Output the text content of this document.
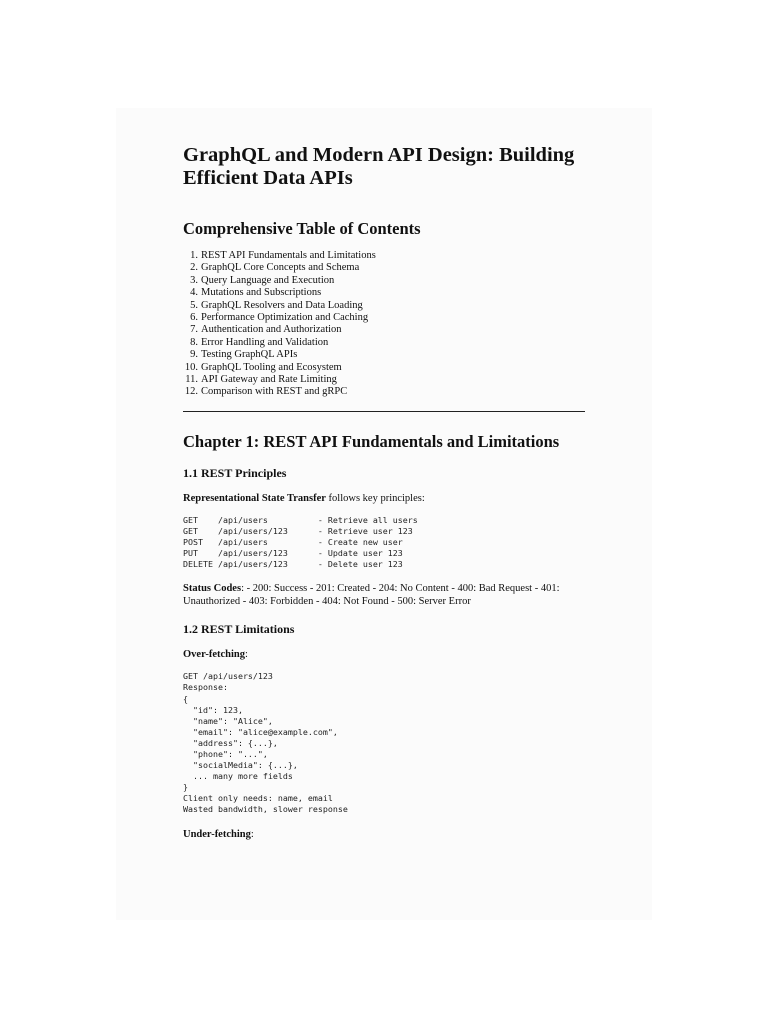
GraphQL and Modern API Design: Building Efficient Data APIs
Comprehensive Table of Contents
1. REST API Fundamentals and Limitations
2. GraphQL Core Concepts and Schema
3. Query Language and Execution
4. Mutations and Subscriptions
5. GraphQL Resolvers and Data Loading
6. Performance Optimization and Caching
7. Authentication and Authorization
8. Error Handling and Validation
9. Testing GraphQL APIs
10. GraphQL Tooling and Ecosystem
11. API Gateway and Rate Limiting
12. Comparison with REST and gRPC
Chapter 1: REST API Fundamentals and Limitations
1.1 REST Principles

Representational State Transfer follows key principles:

GET    /api/users          - Retrieve all users
GET    /api/users/123      - Retrieve user 123
POST   /api/users          - Create new user
PUT    /api/users/123      - Update user 123
DELETE /api/users/123      - Delete user 123

Status Codes: - 200: Success - 201: Created - 204: No Content - 400: Bad Request - 401: Unauthorized - 403: Forbidden - 404: Not Found - 500: Server Error

1.2 REST Limitations

Over-fetching:

GET /api/users/123
Response:
{
"id": 123,
"name": "Alice",
"email": "alice@example.com",
"address": {...},
"phone": "...",
"socialMedia": {...},
... many more fields
}
Client only needs: name, email
Wasted bandwidth, slower response

Under-fetching:
